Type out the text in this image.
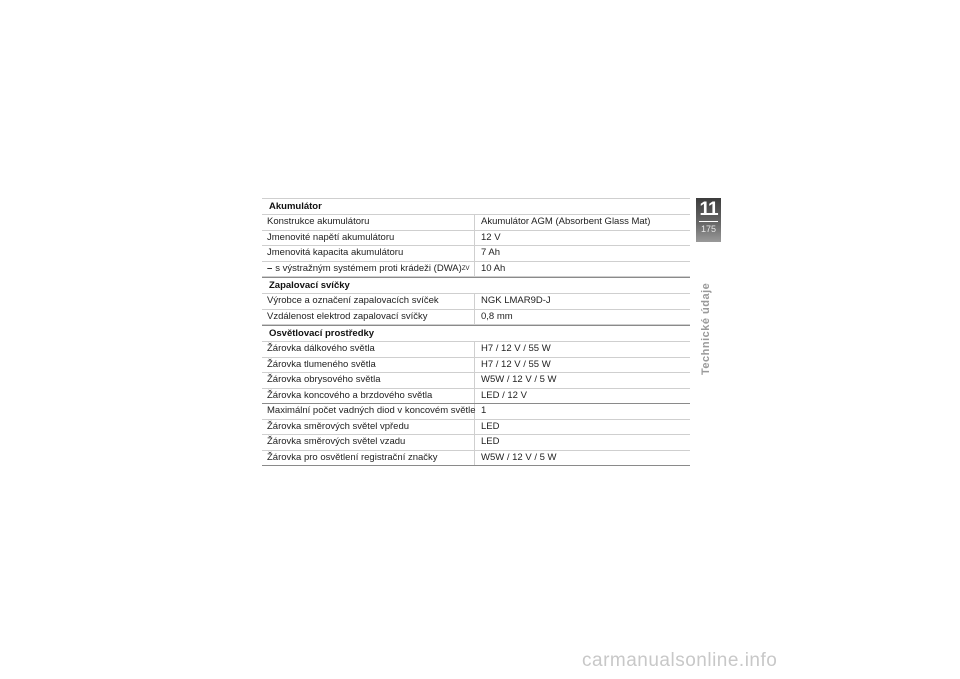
Akumulátor
Konstrukce akumulátoru	Akumulátor AGM (Absorbent Glass Mat)
Jmenovité napětí akumulátoru	12 V
Jmenovitá kapacita akumulátoru	7 Ah
– s výstražným systémem proti krádeži (DWA) ZV	10 Ah
Zapalovací svíčky
Výrobce a označení zapalovacích svíček	NGK LMAR9D-J
Vzdálenost elektrod zapalovací svíčky	0,8 mm
Osvětlovací prostředky
Žárovka dálkového světla	H7 / 12 V / 55 W
Žárovka tlumeného světla	H7 / 12 V / 55 W
Žárovka obrysového světla	W5W / 12 V / 5 W
Žárovka koncového a brzdového světla	LED / 12 V
Maximální počet vadných diod v koncovém světle 1
Žárovka směrových světel vpředu	LED
Žárovka směrových světel vzadu	LED
Žárovka pro osvětlení registrační značky	W5W / 12 V / 5 W
11
175
Technické údaje
carmanualsonline.info
